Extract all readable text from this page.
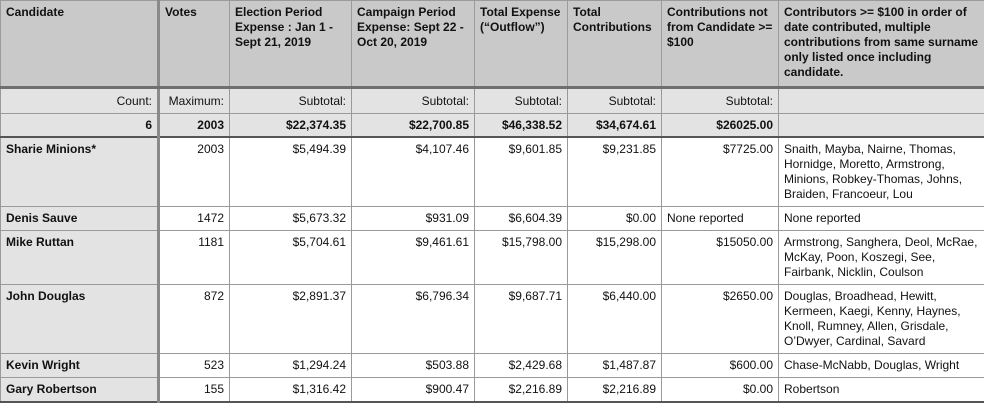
Candidate	Votes	Election Period Expense : Jan 1 - Sept 21, 2019	Campaign Period Expense: Sept 22 - Oct 20, 2019	Total Expense (“Outflow”)	Total Contributions	Contributions not from Candidate >= $100	Contributors >= $100 in order of date contributed, multiple contributions from same surname only listed once including candidate.
Count:	Maximum:	Subtotal:	Subtotal:	Subtotal:	Subtotal:	Subtotal:	
6	2003	$22,374.35	$22,700.85	$46,338.52	$34,674.61	$26025.00	
Sharie Minions*	2003	$5,494.39	$4,107.46	$9,601.85	$9,231.85	$7725.00	Snaith, Mayba, Nairne, Thomas, Hornidge, Moretto, Armstrong, Minions, Robkey-Thomas, Johns, Braiden, Francoeur, Lou
Denis Sauve	1472	$5,673.32	$931.09	$6,604.39	$0.00	None reported	None reported
Mike Ruttan	1181	$5,704.61	$9,461.61	$15,798.00	$15,298.00	$15050.00	Armstrong, Sanghera, Deol, McRae, McKay, Poon, Koszegi, See, Fairbank, Nicklin, Coulson
John Douglas	872	$2,891.37	$6,796.34	$9,687.71	$6,440.00	$2650.00	Douglas, Broadhead, Hewitt, Kermeen, Kaegi, Kenny, Haynes, Knoll, Rumney, Allen, Grisdale, O’Dwyer, Cardinal, Savard
Kevin Wright	523	$1,294.24	$503.88	$2,429.68	$1,487.87	$600.00	Chase-McNabb, Douglas, Wright
Gary Robertson	155	$1,316.42	$900.47	$2,216.89	$2,216.89	$0.00	Robertson
